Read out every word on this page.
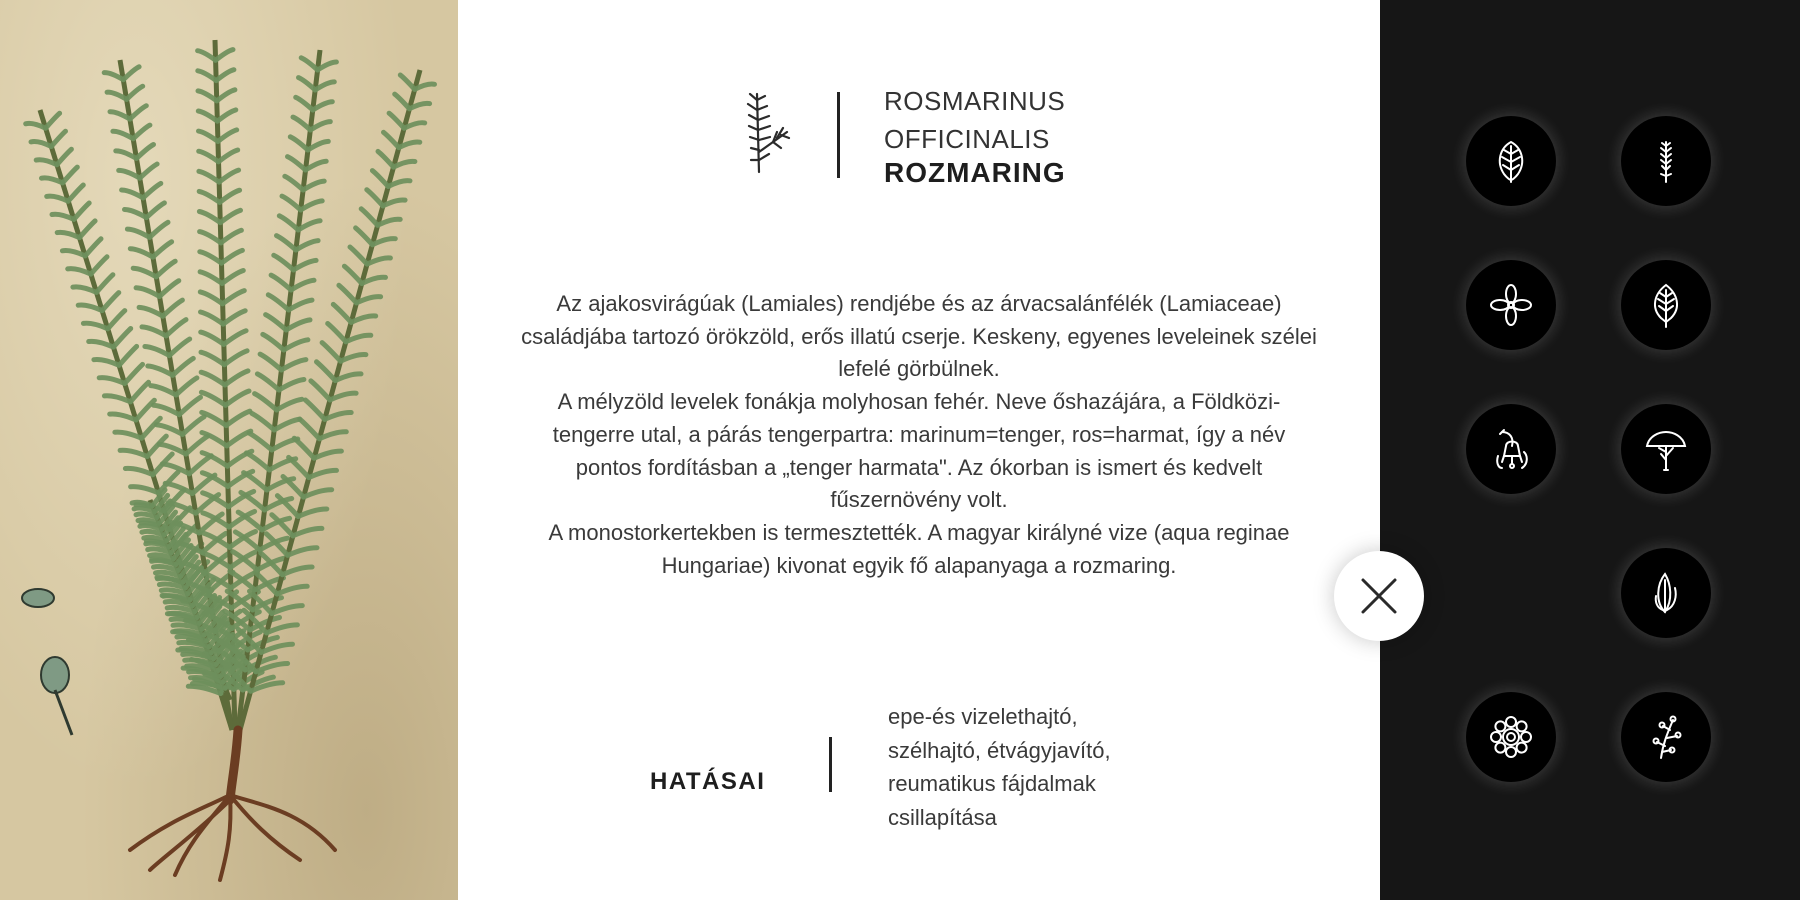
ROSMARINUS
OFFICINALIS
ROZMARING

Az ajakosvirágúak (Lamiales) rendjébe és az árvacsalánfélék (Lamiaceae) családjába tartozó örökzöld, erős illatú cserje. Keskeny, egyenes leveleinek szélei lefelé görbülnek.

A mélyzöld levelek fonákja molyhosan fehér. Neve őshazájára, a Földközi-tengerre utal, a párás tengerpartra: marinum=tenger, ros=harmat, így a név pontos fordításban a „tenger harmata". Az ókorban is ismert és kedvelt fűszernövény volt.

A monostorkertekben is termesztették. A magyar királyné vize (aqua reginae Hungariae) kivonat egyik fő alapanyaga a rozmaring.

HATÁSAI
epe-és vizelethajtó,
szélhajtó, étvágyjavító,
reumatikus fájdalmak
csillapítása
